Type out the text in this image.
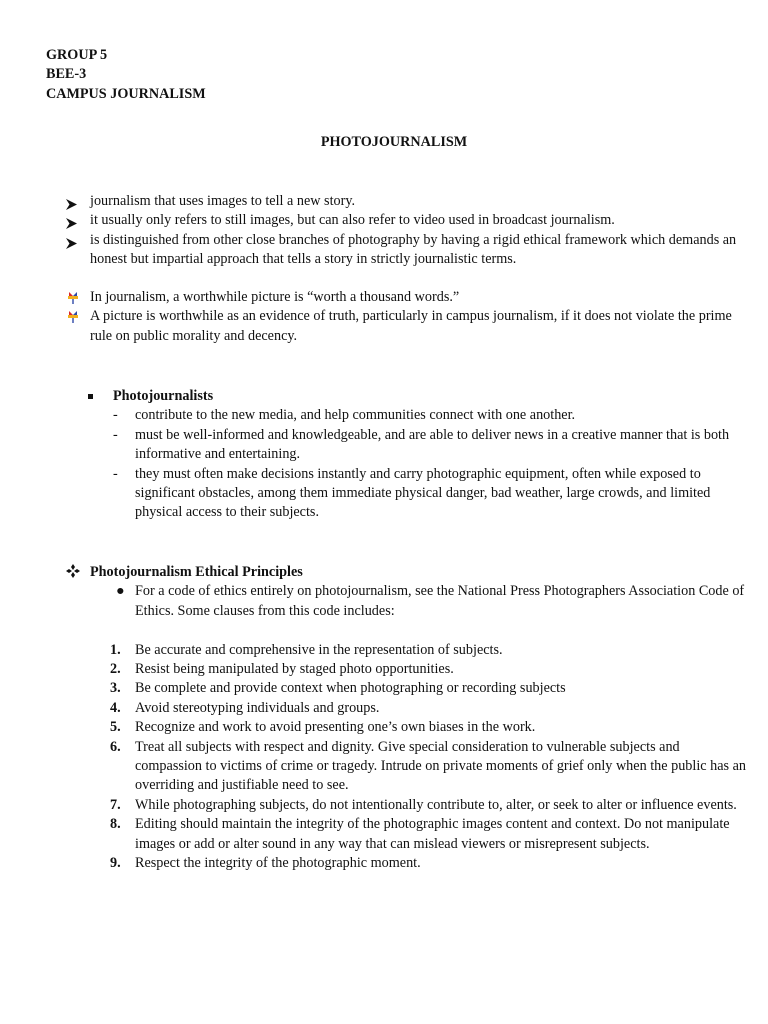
GROUP 5
BEE-3
CAMPUS JOURNALISM
PHOTOJOURNALISM
journalism that uses images to tell a new story.
it usually only refers to still images, but can also refer to video used in broadcast journalism.
is distinguished from other close branches of photography by having a rigid ethical framework which demands an honest but impartial approach that tells a story in strictly journalistic terms.
In journalism, a worthwhile picture is “worth a thousand words.”
A picture is worthwhile as an evidence of truth, particularly in campus journalism, if it does not violate the prime rule on public morality and decency.
Photojournalists
- contribute to the new media, and help communities connect with one another.
- must be well-informed and knowledgeable, and are able to deliver news in a creative manner that is both informative and entertaining.
- they must often make decisions instantly and carry photographic equipment, often while exposed to significant obstacles, among them immediate physical danger, bad weather, large crowds, and limited physical access to their subjects.
Photojournalism Ethical Principles
● For a code of ethics entirely on photojournalism, see the National Press Photographers Association Code of Ethics. Some clauses from this code includes:
1. Be accurate and comprehensive in the representation of subjects.
2. Resist being manipulated by staged photo opportunities.
3. Be complete and provide context when photographing or recording subjects
4. Avoid stereotyping individuals and groups.
5. Recognize and work to avoid presenting one’s own biases in the work.
6. Treat all subjects with respect and dignity. Give special consideration to vulnerable subjects and compassion to victims of crime or tragedy. Intrude on private moments of grief only when the public has an overriding and justifiable need to see.
7. While photographing subjects, do not intentionally contribute to, alter, or seek to alter or influence events.
8. Editing should maintain the integrity of the photographic images content and context. Do not manipulate images or add or alter sound in any way that can mislead viewers or misrepresent subjects.
9. Respect the integrity of the photographic moment.
